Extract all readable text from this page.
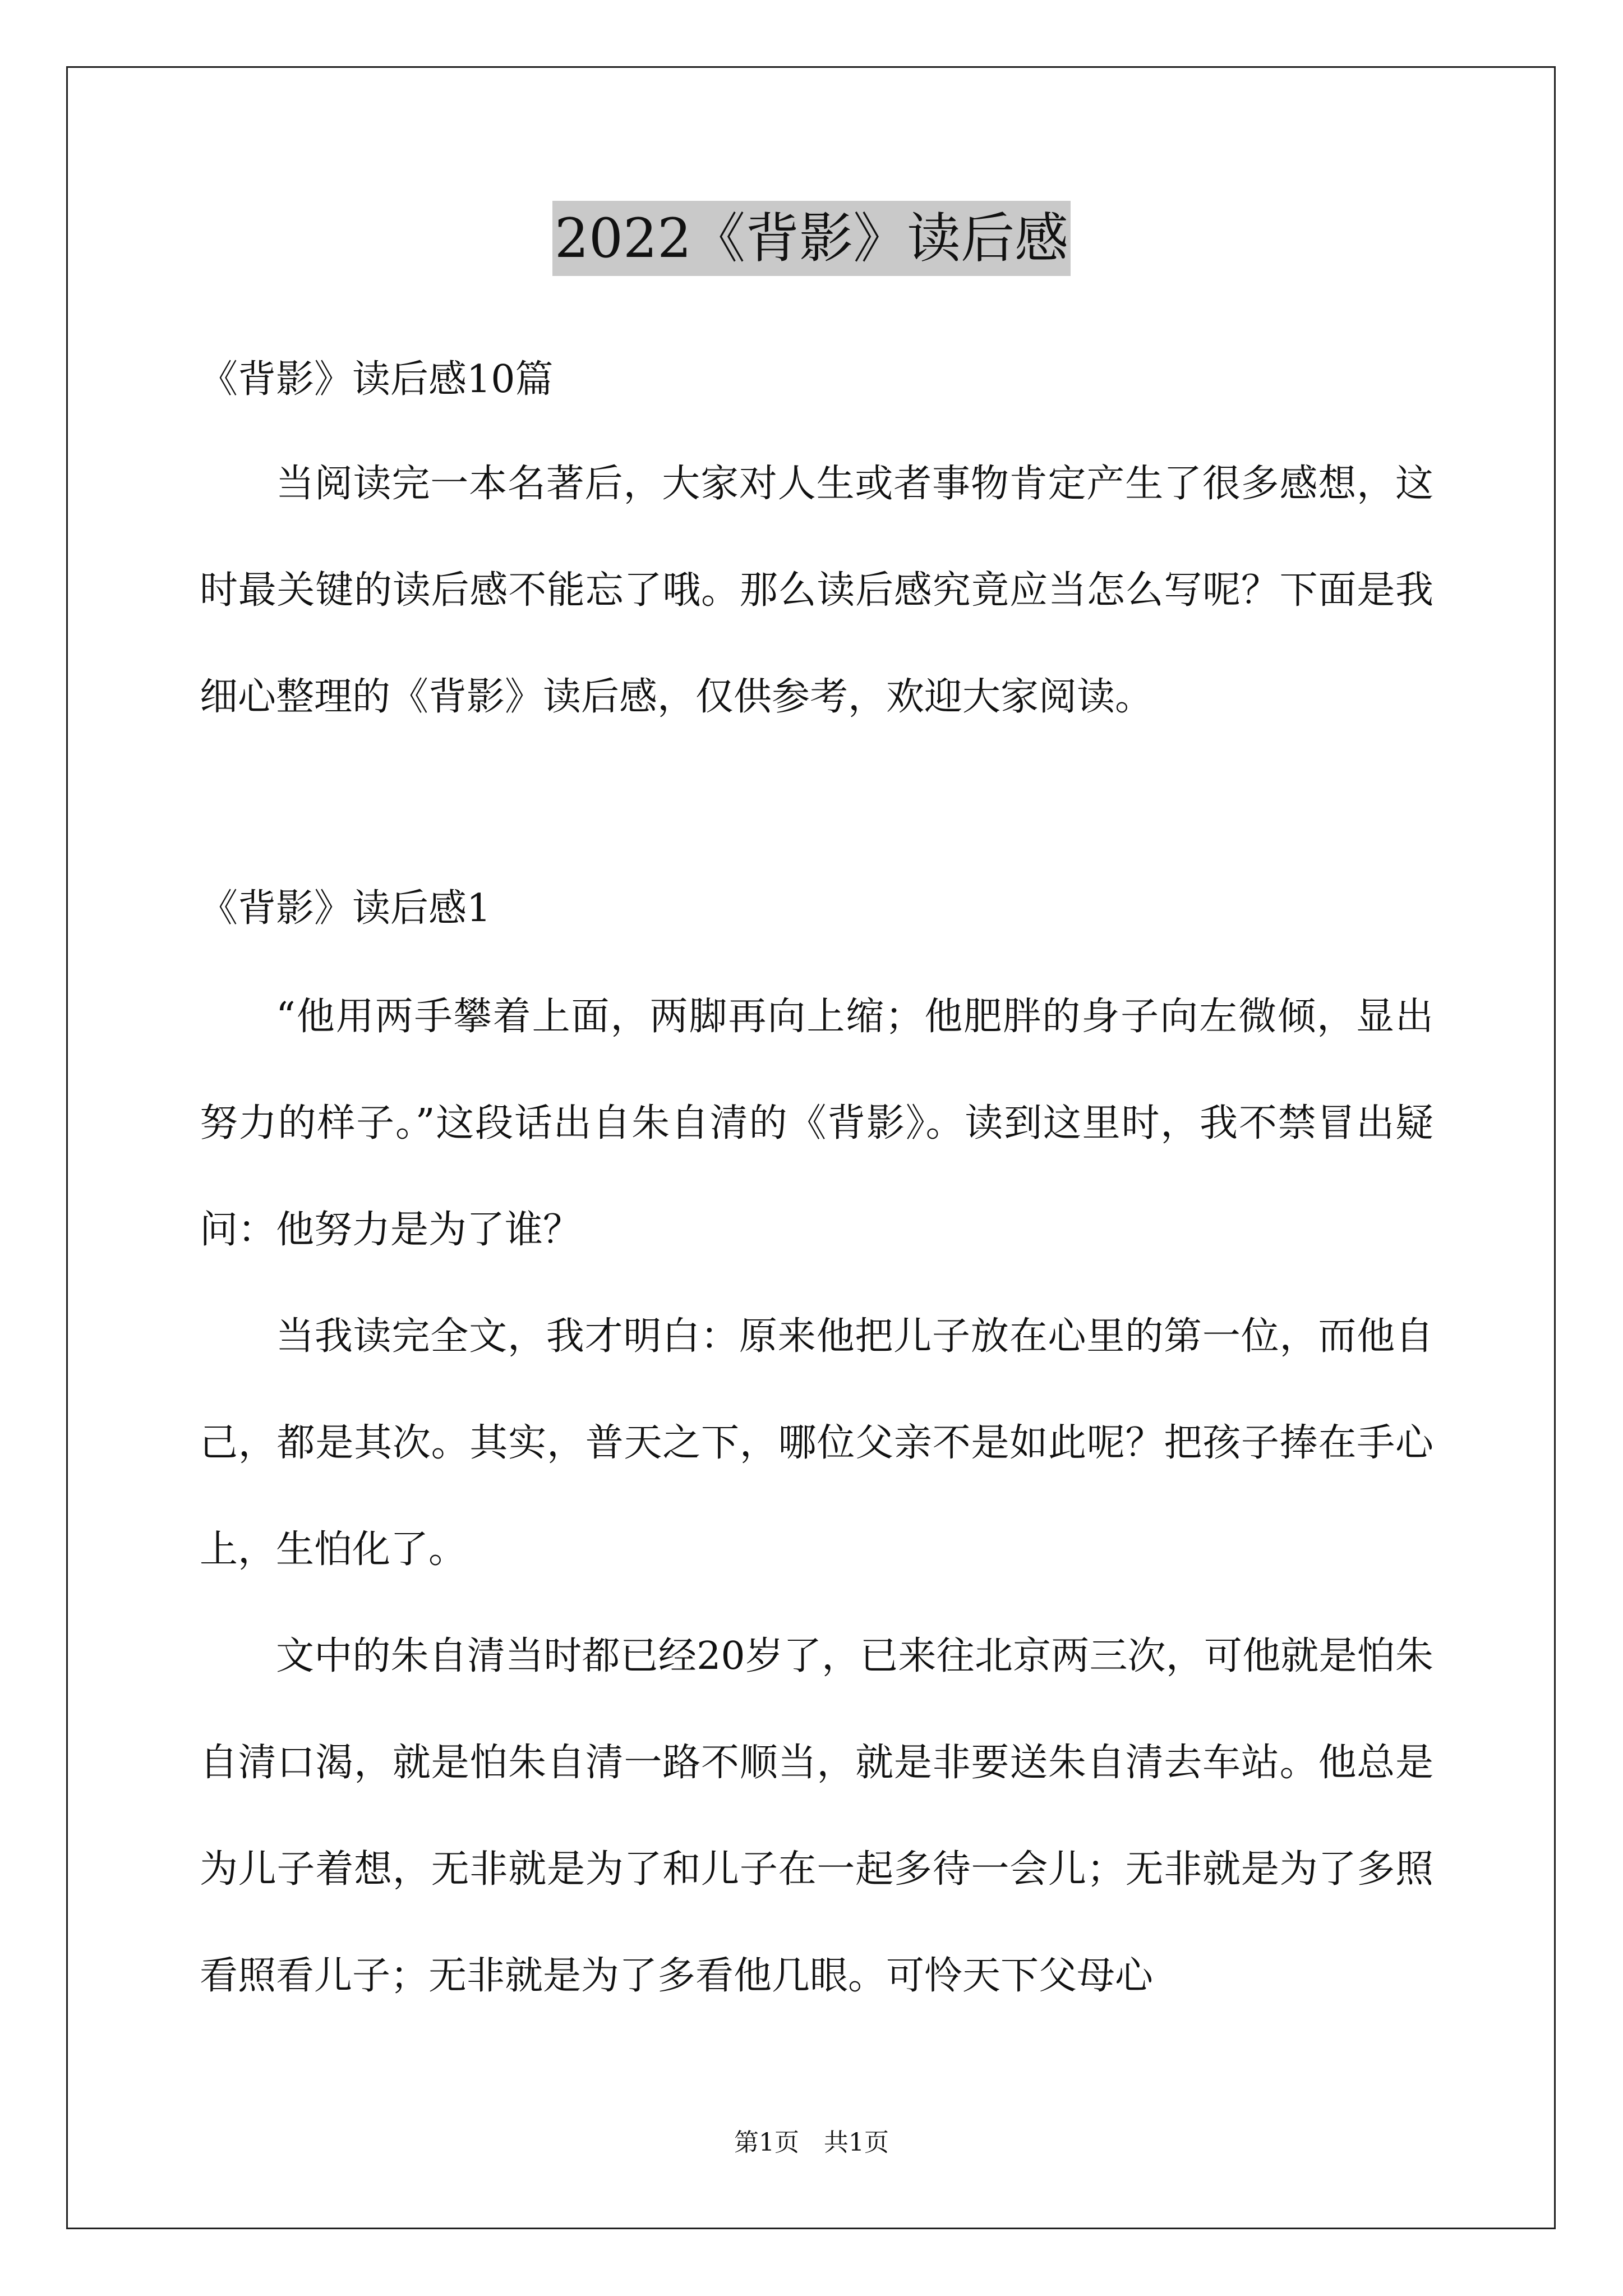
2022《背影》读后感
《背影》读后感10篇

当阅读完一本名著后，大家对人生或者事物肯定产生了很多感想，这时最关键的读后感不能忘了哦。那么读后感究竟应当怎么写呢？下面是我细心整理的《背影》读后感，仅供参考，欢迎大家阅读。

《背影》读后感1

“他用两手攀着上面，两脚再向上缩；他肥胖的身子向左微倾，显出努力的样子。”这段话出自朱自清的《背影》。读到这里时，我不禁冒出疑问：他努力是为了谁？

当我读完全文，我才明白：原来他把儿子放在心里的第一位，而他自己，都是其次。其实，普天之下，哪位父亲不是如此呢？把孩子捧在手心上，生怕化了。

文中的朱自清当时都已经20岁了，已来往北京两三次，可他就是怕朱自清口渴，就是怕朱自清一路不顺当，就是非要送朱自清去车站。他总是为儿子着想，无非就是为了和儿子在一起多待一会儿；无非就是为了多照看照看儿子；无非就是为了多看他几眼。可怜天下父母心

第1页　共1页
